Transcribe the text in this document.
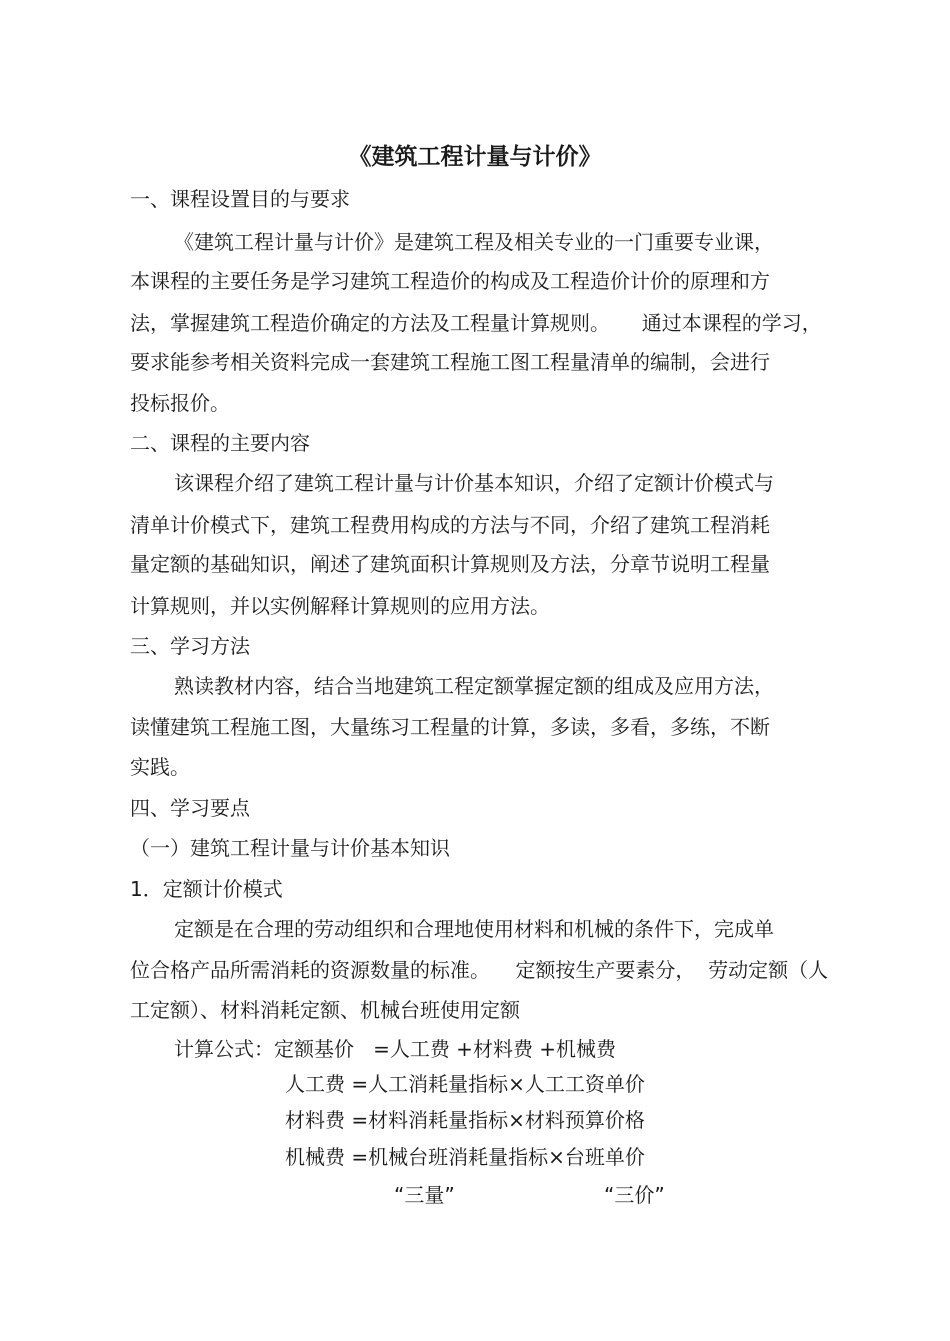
《建筑工程计量与计价》

一、课程设置目的与要求

《建筑工程计量与计价》是建筑工程及相关专业的一门重要专业课，

本课程的主要任务是学习建筑工程造价的构成及工程造价计价的原理和方

法，掌握建筑工程造价确定的方法及工程量计算规则。     通过本课程的学习，

要求能参考相关资料完成一套建筑工程施工图工程量清单的编制，会进行

投标报价。

二、课程的主要内容

该课程介绍了建筑工程计量与计价基本知识，介绍了定额计价模式与

清单计价模式下，建筑工程费用构成的方法与不同，介绍了建筑工程消耗

量定额的基础知识，阐述了建筑面积计算规则及方法，分章节说明工程量

计算规则，并以实例解释计算规则的应用方法。

三、学习方法

熟读教材内容，结合当地建筑工程定额掌握定额的组成及应用方法，

读懂建筑工程施工图，大量练习工程量的计算，多读，多看，多练，不断

实践。

四、学习要点

（一）建筑工程计量与计价基本知识

1．定额计价模式

定额是在合理的劳动组织和合理地使用材料和机械的条件下，完成单

位合格产品所需消耗的资源数量的标准。    定额按生产要素分，  劳动定额（人

工定额）、材料消耗定额、机械台班使用定额

计算公式：定额基价   =人工费 +材料费 +机械费

人工费 =人工消耗量指标×人工工资单价

材料费 =材料消耗量指标×材料预算价格

机械费 =机械台班消耗量指标×台班单价

“三量”	“三价”
